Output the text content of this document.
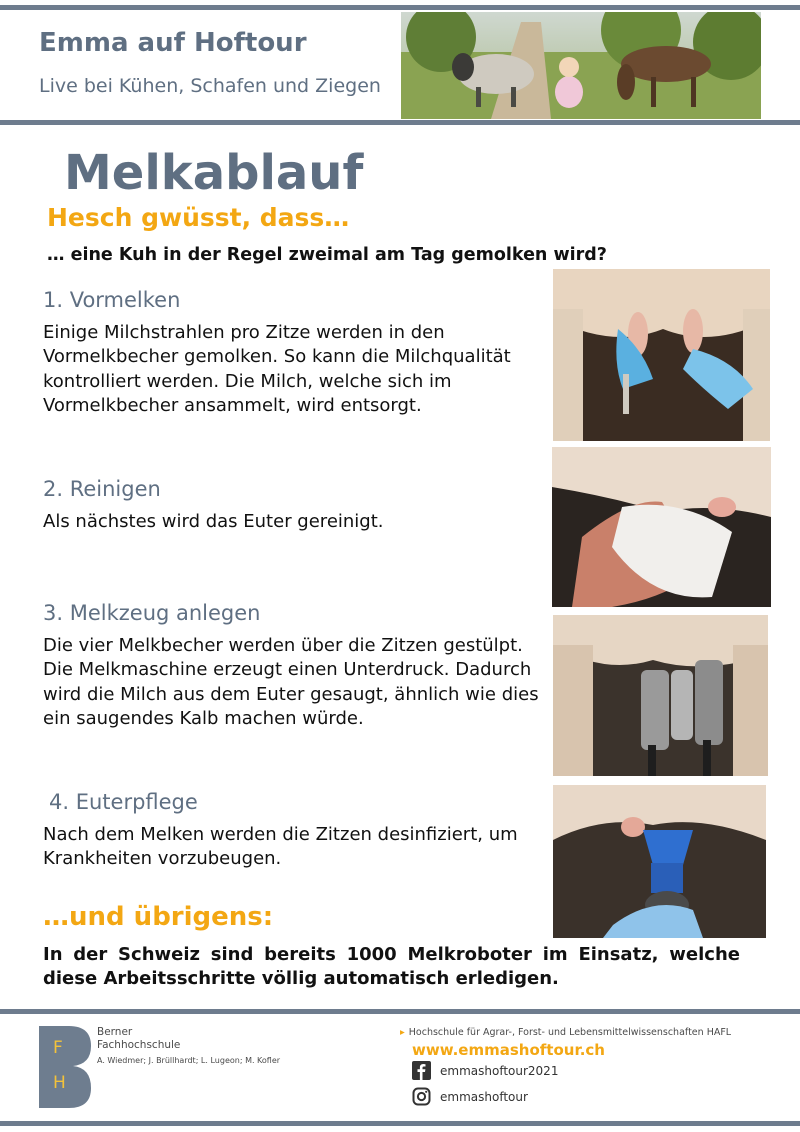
Emma auf Hoftour
Live bei Kühen, Schafen und Ziegen
Melkablauf
Hesch gwüsst, dass…
… eine Kuh in der Regel zweimal am Tag gemolken wird?
1. Vormelken
Einige Milchstrahlen pro Zitze werden in den Vormelkbecher gemolken. So kann die Milchqualität kontrolliert werden. Die Milch, welche sich im Vormelkbecher ansammelt, wird entsorgt.
2. Reinigen
Als nächstes wird das Euter gereinigt.
3. Melkzeug anlegen
Die vier Melkbecher werden über die Zitzen gestülpt. Die Melkmaschine erzeugt einen Unterdruck. Dadurch wird die Milch aus dem Euter gesaugt, ähnlich wie dies ein saugendes Kalb machen würde.
4. Euterpflege
Nach dem Melken werden die Zitzen desinfiziert, um Krankheiten vorzubeugen.
…und übrigens:
In der Schweiz sind bereits 1000 Melkroboter im Einsatz, welche diese Arbeitsschritte völlig automatisch erledigen.
F
H
Berner
Fachhochschule
A. Wiedmer; J. Brüllhardt; L. Lugeon; M. Kofler
▸ Hochschule für Agrar-, Forst- und Lebensmittelwissenschaften HAFL
www.emmashoftour.ch
emmashoftour2021
emmashoftour
